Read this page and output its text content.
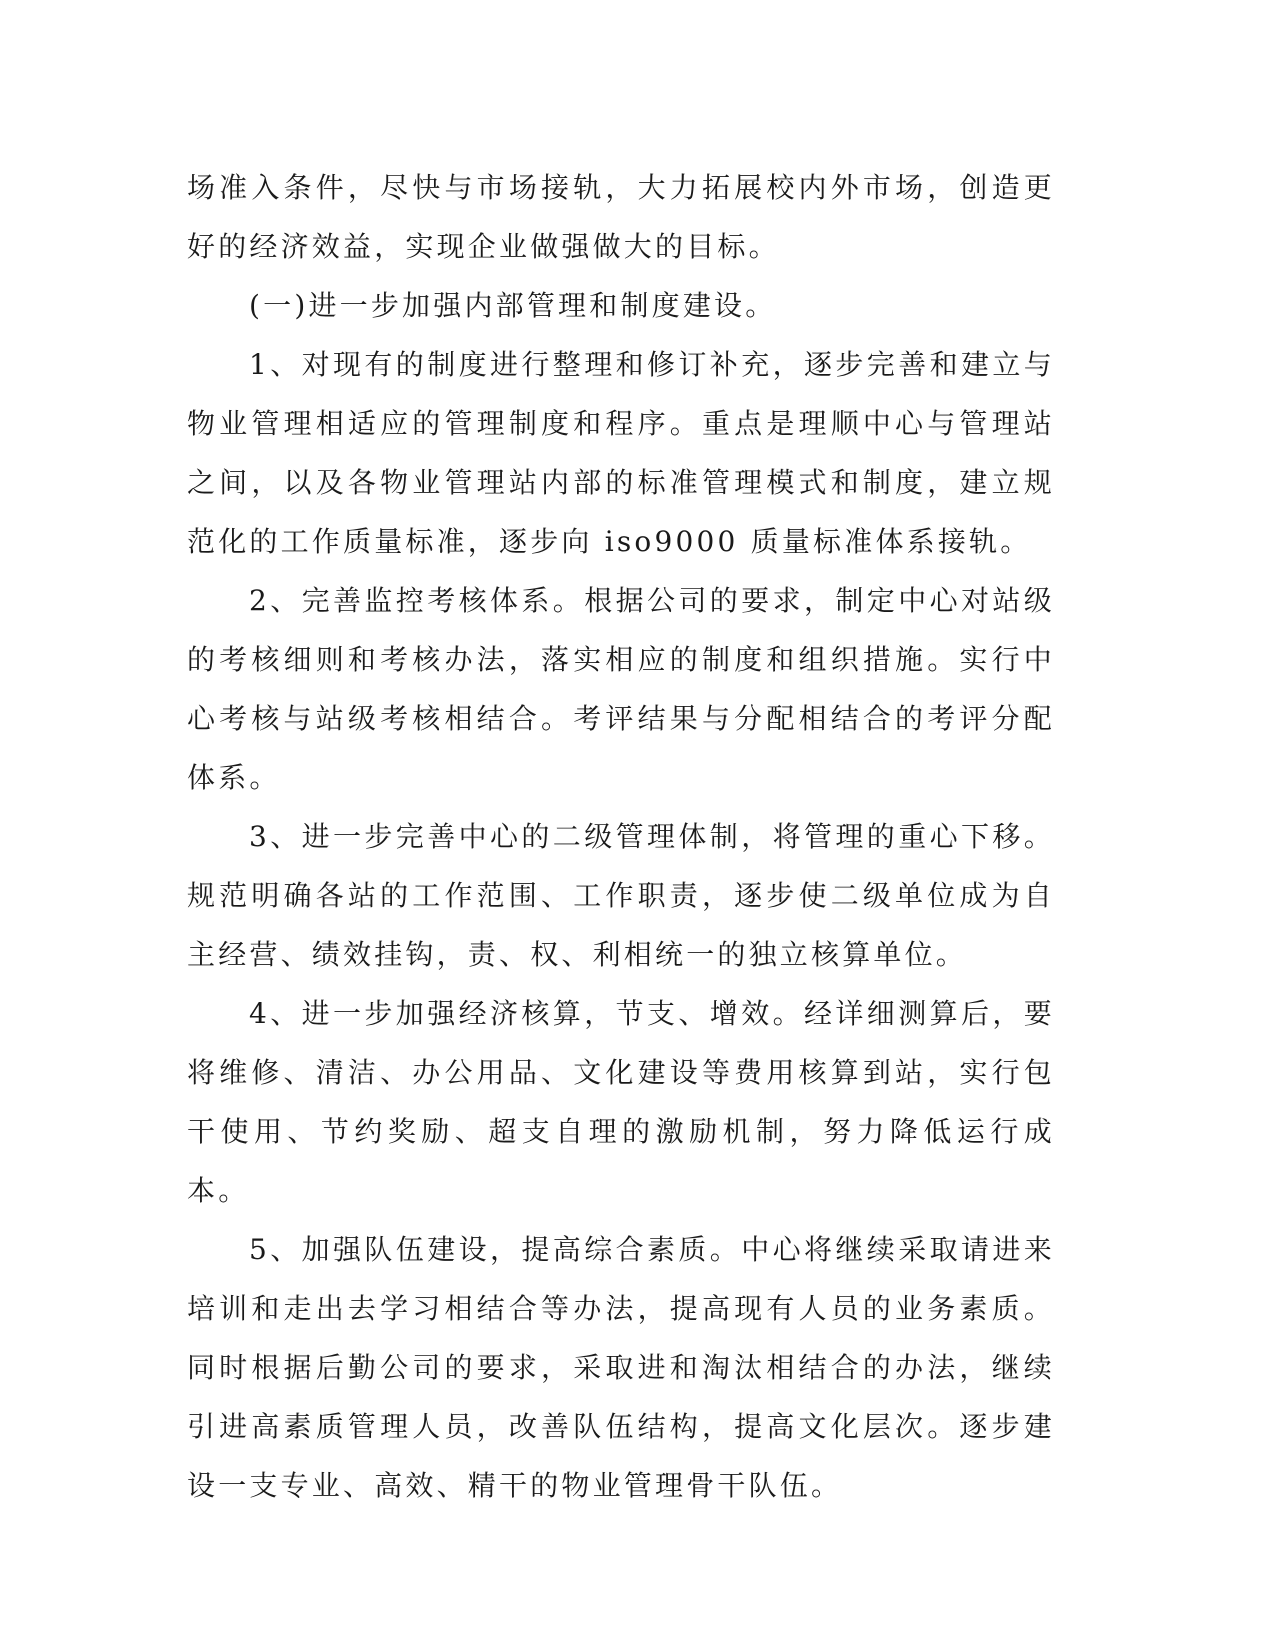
场准入条件，尽快与市场接轨，大力拓展校内外市场，创造更好的经济效益，实现企业做强做大的目标。

(一)进一步加强内部管理和制度建设。

1、对现有的制度进行整理和修订补充，逐步完善和建立与物业管理相适应的管理制度和程序。重点是理顺中心与管理站之间，以及各物业管理站内部的标准管理模式和制度，建立规范化的工作质量标准，逐步向 iso9000 质量标准体系接轨。

2、完善监控考核体系。根据公司的要求，制定中心对站级的考核细则和考核办法，落实相应的制度和组织措施。实行中心考核与站级考核相结合。考评结果与分配相结合的考评分配体系。

3、进一步完善中心的二级管理体制，将管理的重心下移。规范明确各站的工作范围、工作职责，逐步使二级单位成为自主经营、绩效挂钩，责、权、利相统一的独立核算单位。

4、进一步加强经济核算，节支、增效。经详细测算后，要将维修、清洁、办公用品、文化建设等费用核算到站，实行包干使用、节约奖励、超支自理的激励机制，努力降低运行成本。

5、加强队伍建设，提高综合素质。中心将继续采取请进来培训和走出去学习相结合等办法，提高现有人员的业务素质。同时根据后勤公司的要求，采取进和淘汰相结合的办法，继续引进高素质管理人员，改善队伍结构，提高文化层次。逐步建设一支专业、高效、精干的物业管理骨干队伍。
